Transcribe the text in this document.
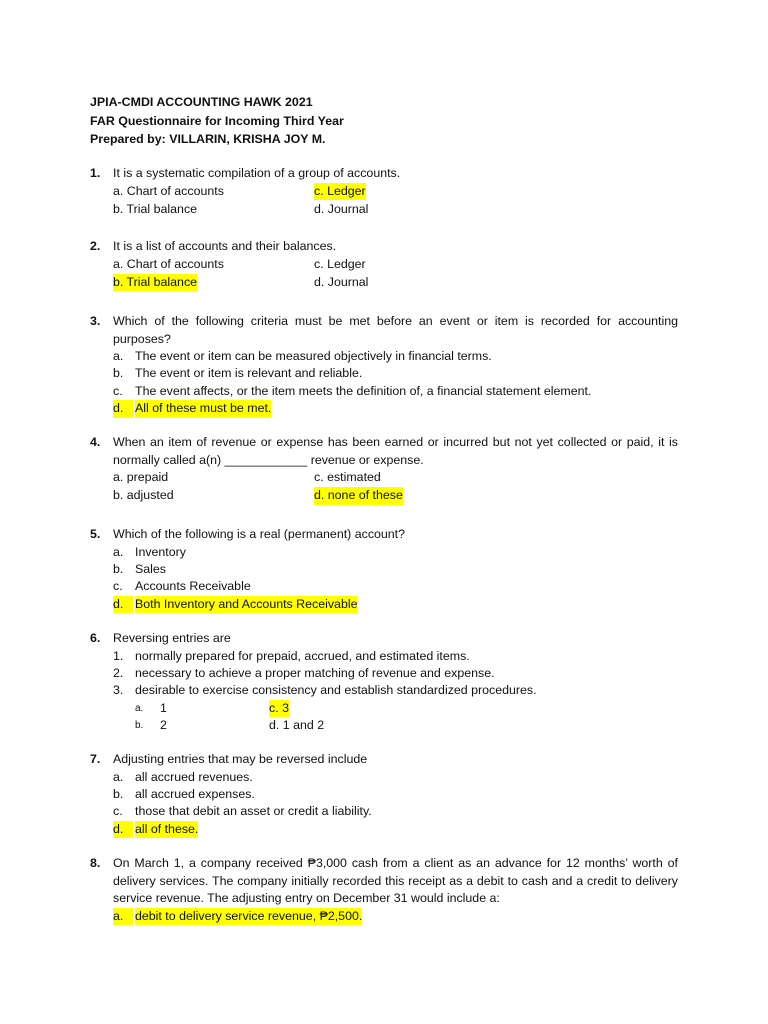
JPIA-CMDI ACCOUNTING HAWK 2021
FAR Questionnaire for Incoming Third Year
Prepared by: VILLARIN, KRISHA JOY M.
1. It is a systematic compilation of a group of accounts.
a. Chart of accounts	c. Ledger
b. Trial balance	d. Journal
2. It is a list of accounts and their balances.
a. Chart of accounts	c. Ledger
b. Trial balance	d. Journal
3. Which of the following criteria must be met before an event or item is recorded for accounting purposes?
a. The event or item can be measured objectively in financial terms.
b. The event or item is relevant and reliable.
c. The event affects, or the item meets the definition of, a financial statement element.
d. All of these must be met.
4. When an item of revenue or expense has been earned or incurred but not yet collected or paid, it is normally called a(n) ____________ revenue or expense.
a. prepaid	c. estimated
b. adjusted	d. none of these
5. Which of the following is a real (permanent) account?
a. Inventory
b. Sales
c. Accounts Receivable
d. Both Inventory and Accounts Receivable
6. Reversing entries are
1. normally prepared for prepaid, accrued, and estimated items.
2. necessary to achieve a proper matching of revenue and expense.
3. desirable to exercise consistency and establish standardized procedures.
a. 1	c. 3
b. 2	d. 1 and 2
7. Adjusting entries that may be reversed include
a. all accrued revenues.
b. all accrued expenses.
c. those that debit an asset or credit a liability.
d. all of these.
8. On March 1, a company received ₱3,000 cash from a client as an advance for 12 months’ worth of delivery services. The company initially recorded this receipt as a debit to cash and a credit to delivery service revenue. The adjusting entry on December 31 would include a:
a. debit to delivery service revenue, ₱2,500.
